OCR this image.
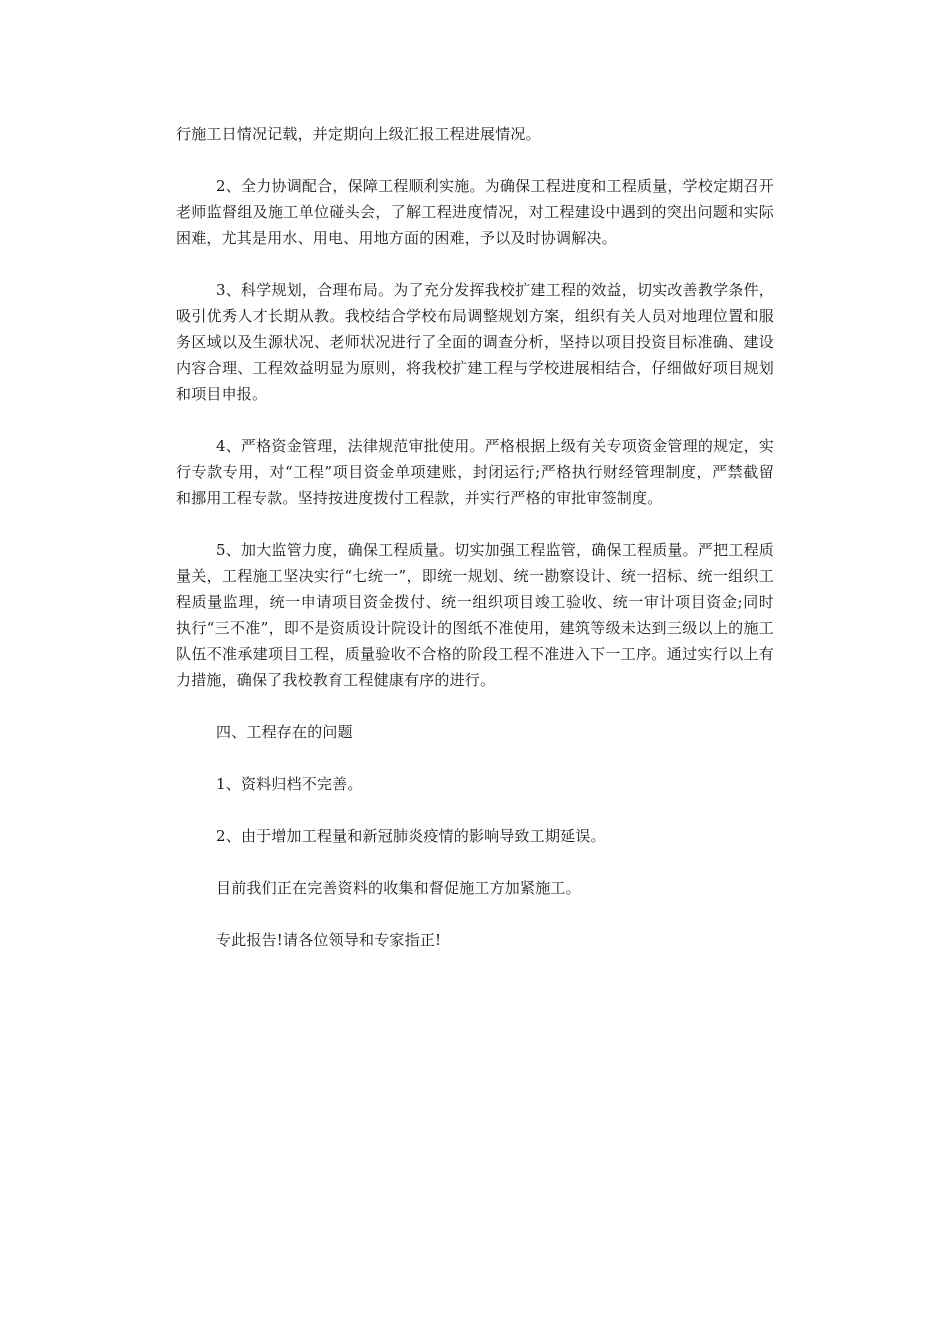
行施工日情况记载，并定期向上级汇报工程进展情况。

2、全力协调配合，保障工程顺利实施。为确保工程进度和工程质量，学校定期召开老师监督组及施工单位碰头会，了解工程进度情况，对工程建设中遇到的突出问题和实际困难，尤其是用水、用电、用地方面的困难，予以及时协调解决。

3、科学规划，合理布局。为了充分发挥我校扩建工程的效益，切实改善教学条件，吸引优秀人才长期从教。我校结合学校布局调整规划方案，组织有关人员对地理位置和服务区域以及生源状况、老师状况进行了全面的调查分析，坚持以项目投资目标准确、建设内容合理、工程效益明显为原则，将我校扩建工程与学校进展相结合，仔细做好项目规划和项目申报。

4、严格资金管理，法律规范审批使用。严格根据上级有关专项资金管理的规定，实行专款专用，对“工程”项目资金单项建账，封闭运行;严格执行财经管理制度，严禁截留和挪用工程专款。坚持按进度拨付工程款，并实行严格的审批审签制度。

5、加大监管力度，确保工程质量。切实加强工程监管，确保工程质量。严把工程质量关，工程施工坚决实行“七统一”，即统一规划、统一勘察设计、统一招标、统一组织工程质量监理，统一申请项目资金拨付、统一组织项目竣工验收、统一审计项目资金;同时执行“三不准”，即不是资质设计院设计的图纸不准使用，建筑等级未达到三级以上的施工队伍不准承建项目工程，质量验收不合格的阶段工程不准进入下一工序。通过实行以上有力措施，确保了我校教育工程健康有序的进行。

四、工程存在的问题

1、资料归档不完善。

2、由于增加工程量和新冠肺炎疫情的影响导致工期延误。

目前我们正在完善资料的收集和督促施工方加紧施工。

专此报告!请各位领导和专家指正!
